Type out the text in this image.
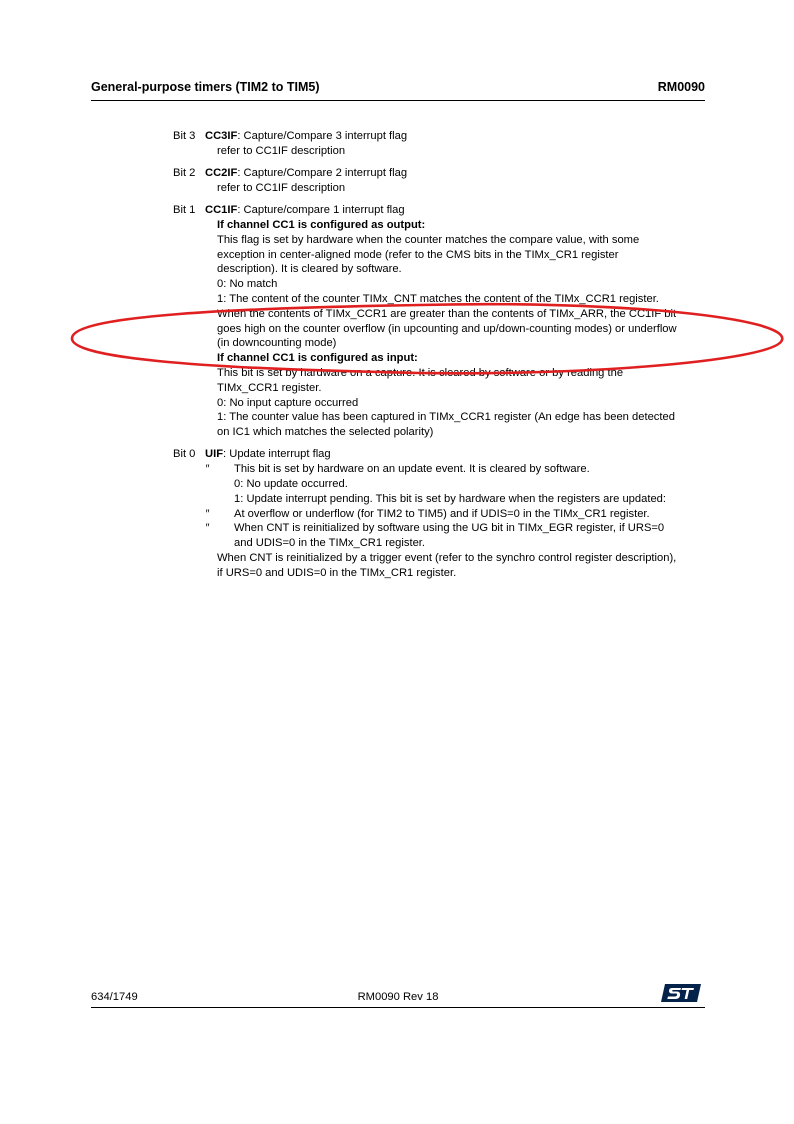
General-purpose timers (TIM2 to TIM5)	RM0090
Bit 3 CC3IF: Capture/Compare 3 interrupt flag
refer to CC1IF description
Bit 2 CC2IF: Capture/Compare 2 interrupt flag
refer to CC1IF description
Bit 1 CC1IF: Capture/compare 1 interrupt flag
If channel CC1 is configured as output:
This flag is set by hardware when the counter matches the compare value, with some
exception in center-aligned mode (refer to the CMS bits in the TIMx_CR1 register
description). It is cleared by software.
0: No match
1: The content of the counter TIMx_CNT matches the content of the TIMx_CCR1 register.
When the contents of TIMx_CCR1 are greater than the contents of TIMx_ARR, the CC1IF bit
goes high on the counter overflow (in upcounting and up/down-counting modes) or underflow
(in downcounting mode)
If channel CC1 is configured as input:
This bit is set by hardware on a capture. It is cleared by software or by reading the
TIMx_CCR1 register.
0: No input capture occurred
1: The counter value has been captured in TIMx_CCR1 register (An edge has been detected
on IC1 which matches the selected polarity)
Bit 0 UIF: Update interrupt flag
″ This bit is set by hardware on an update event. It is cleared by software.
0: No update occurred.
1: Update interrupt pending. This bit is set by hardware when the registers are updated:
″ At overflow or underflow (for TIM2 to TIM5) and if UDIS=0 in the TIMx_CR1 register.
″ When CNT is reinitialized by software using the UG bit in TIMx_EGR register, if URS=0
and UDIS=0 in the TIMx_CR1 register.
When CNT is reinitialized by a trigger event (refer to the synchro control register description),
if URS=0 and UDIS=0 in the TIMx_CR1 register.
634/1749	RM0090 Rev 18
